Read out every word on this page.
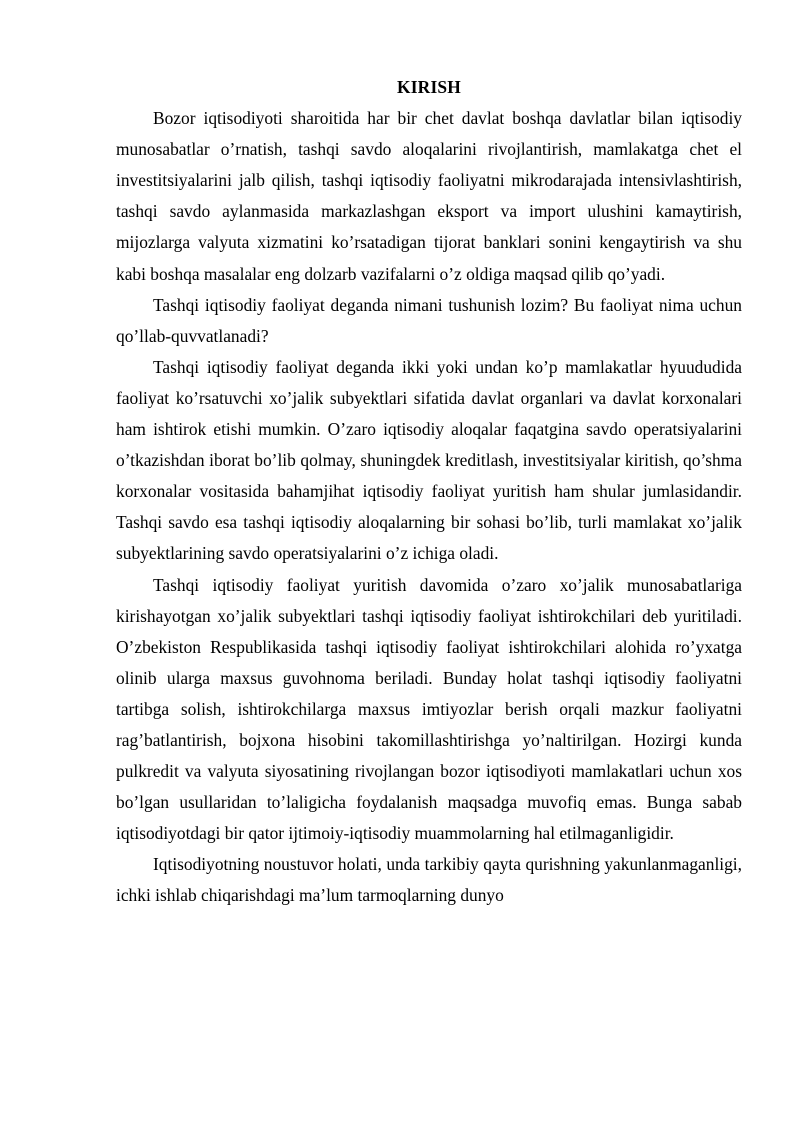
KIRISH

Bozor iqtisodiyoti sharoitida har bir chet davlat boshqa davlatlar bilan iqtisodiy munosabatlar o’rnatish, tashqi savdo aloqalarini rivojlantirish, mamlakatga chet el investitsiyalarini jalb qilish, tashqi iqtisodiy faoliyatni mikrodarajada intensivlashtirish, tashqi savdo aylanmasida markazlashgan eksport va import ulushini kamaytirish, mijozlarga valyuta xizmatini ko’rsatadigan tijorat banklari sonini kengaytirish va shu kabi boshqa masalalar eng dolzarb vazifalarni o’z oldiga maqsad qilib qo’yadi.

Tashqi iqtisodiy faoliyat deganda nimani tushunish lozim? Bu faoliyat nima uchun qo’llab-quvvatlanadi?

Tashqi iqtisodiy faoliyat deganda ikki yoki undan ko’p mamlakatlar hyuududida faoliyat ko’rsatuvchi xo’jalik subyektlari sifatida davlat organlari va davlat korxonalari ham ishtirok etishi mumkin. O’zaro iqtisodiy aloqalar faqatgina savdo operatsiyalarini o’tkazishdan iborat bo’lib qolmay, shuningdek kreditlash, investitsiyalar kiritish, qo’shma korxonalar vositasida bahamjihat iqtisodiy faoliyat yuritish ham shular jumlasidandir. Tashqi savdo esa tashqi iqtisodiy aloqalarning bir sohasi bo’lib, turli mamlakat xo’jalik subyektlarining savdo operatsiyalarini o’z ichiga oladi.

Tashqi iqtisodiy faoliyat yuritish davomida o’zaro xo’jalik munosabatlariga kirishayotgan xo’jalik subyektlari tashqi iqtisodiy faoliyat ishtirokchilari deb yuritiladi. O’zbekiston Respublikasida tashqi iqtisodiy faoliyat ishtirokchilari alohida ro’yxatga olinib ularga maxsus guvohnoma beriladi. Bunday holat tashqi iqtisodiy faoliyatni tartibga solish, ishtirokchilarga maxsus imtiyozlar berish orqali mazkur faoliyatni rag’batlantirish, bojxona hisobini takomillashtirishga yo’naltirilgan. Hozirgi kunda pulkredit va valyuta siyosatining rivojlangan bozor iqtisodiyoti mamlakatlari uchun xos bo’lgan usullaridan to’laligicha foydalanish maqsadga muvofiq emas. Bunga sabab iqtisodiyotdagi bir qator ijtimoiy-iqtisodiy muammolarning hal etilmaganligidir.

Iqtisodiyotning noustuvor holati, unda tarkibiy qayta qurishning yakunlanmaganligi, ichki ishlab chiqarishdagi ma’lum tarmoqlarning dunyo
